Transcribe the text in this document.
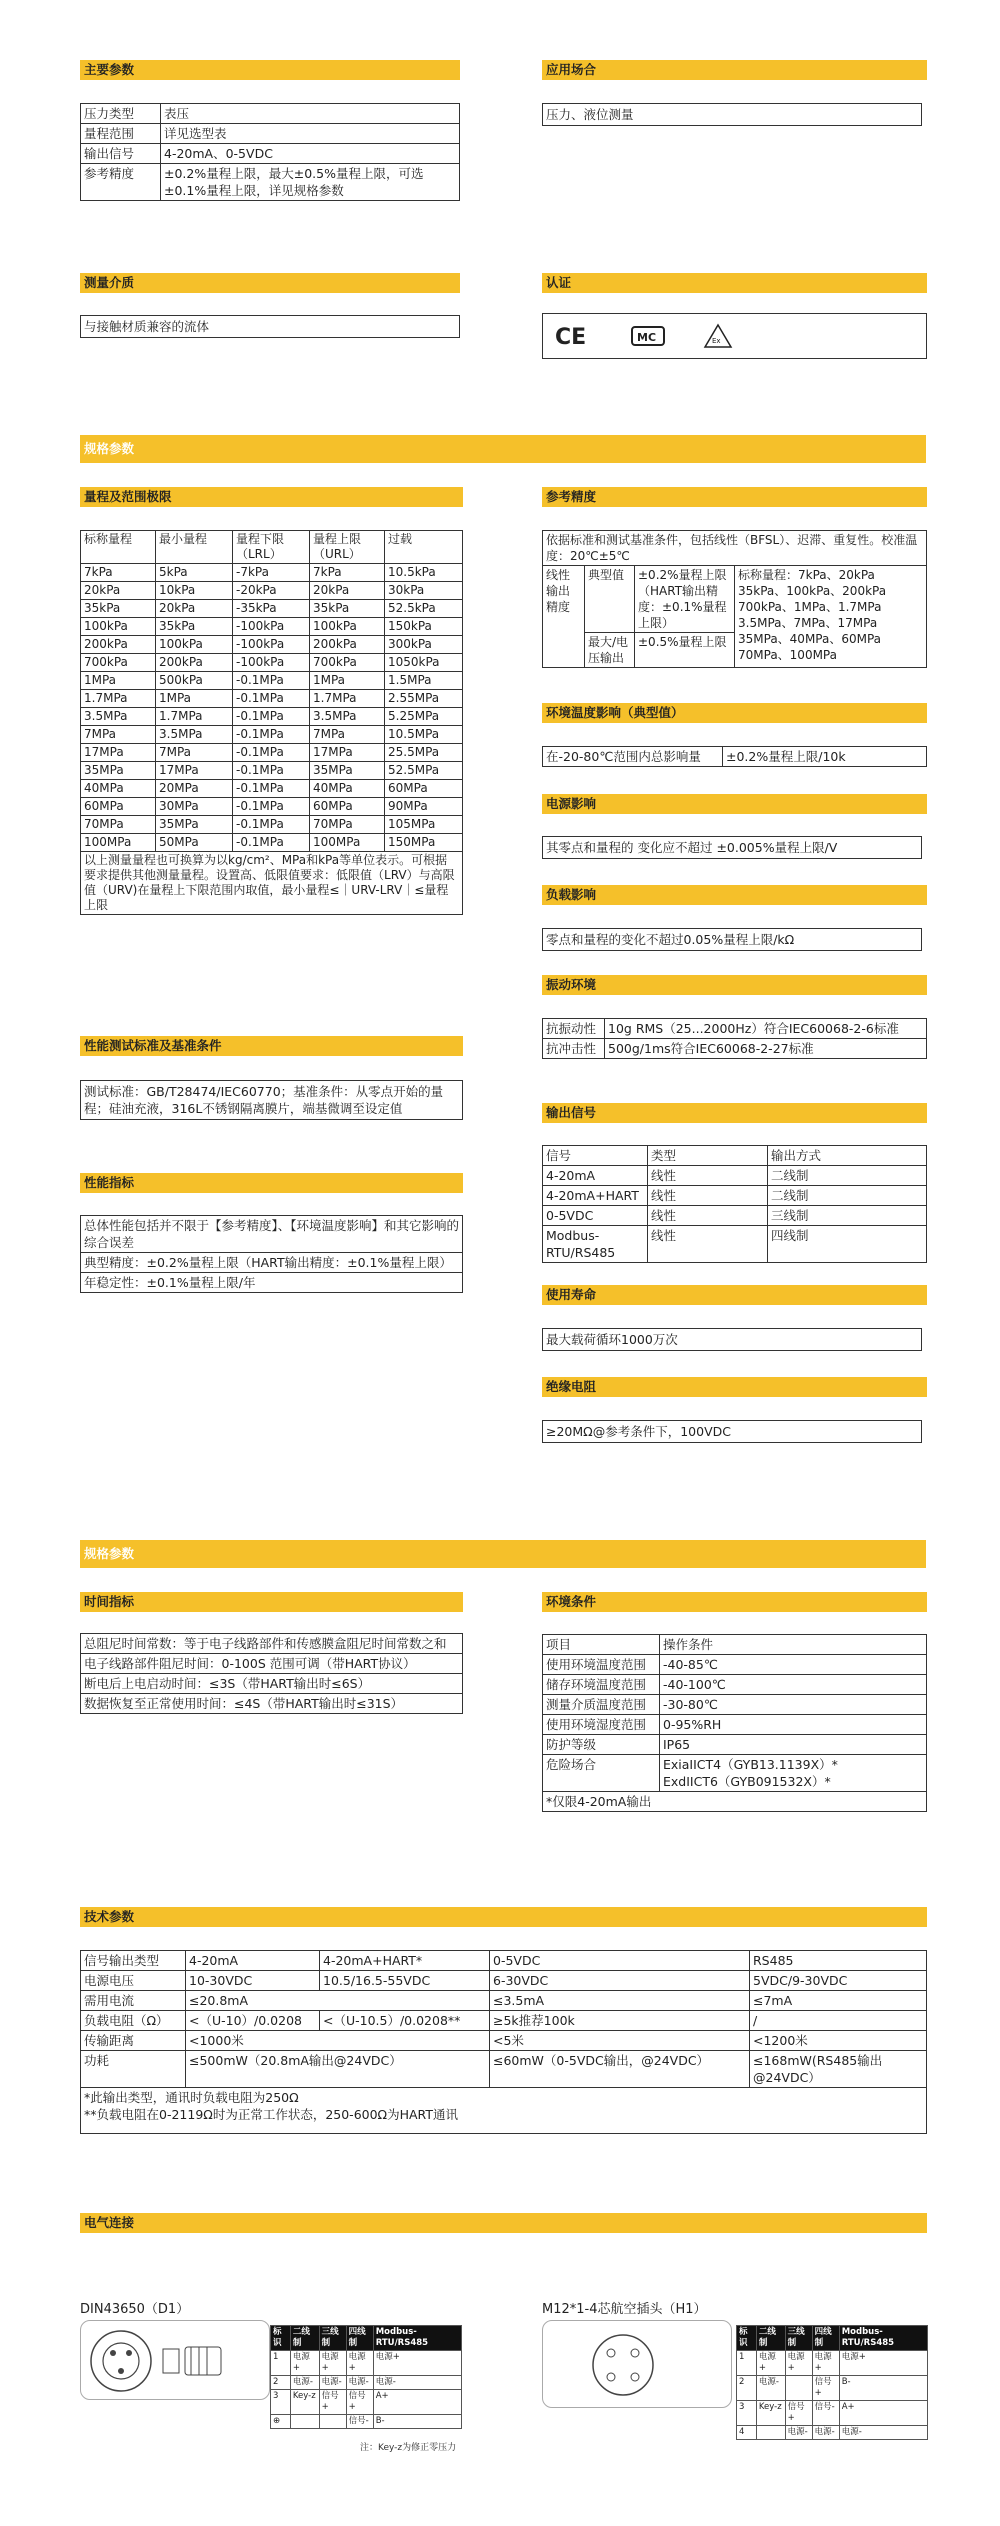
主要参数
压力类型	表压
量程范围	详见选型表
输出信号	4-20mA、0-5VDC
参考精度	±0.2%量程上限，最大±0.5%量程上限，可选±0.1%量程上限，详见规格参数
应用场合
压力、液位测量
测量介质
与接触材质兼容的流体
认证
CE	MC	Ex
规格参数
量程及范围极限
标称量程	最小量程	量程下限（LRL）	量程上限（URL）	过载
7kPa	5kPa	-7kPa	7kPa	10.5kPa
20kPa	10kPa	-20kPa	20kPa	30kPa
35kPa	20kPa	-35kPa	35kPa	52.5kPa
100kPa	35kPa	-100kPa	100kPa	150kPa
200kPa	100kPa	-100kPa	200kPa	300kPa
700kPa	200kPa	-100kPa	700kPa	1050kPa
1MPa	500kPa	-0.1MPa	1MPa	1.5MPa
1.7MPa	1MPa	-0.1MPa	1.7MPa	2.55MPa
3.5MPa	1.7MPa	-0.1MPa	3.5MPa	5.25MPa
7MPa	3.5MPa	-0.1MPa	7MPa	10.5MPa
17MPa	7MPa	-0.1MPa	17MPa	25.5MPa
35MPa	17MPa	-0.1MPa	35MPa	52.5MPa
40MPa	20MPa	-0.1MPa	40MPa	60MPa
60MPa	30MPa	-0.1MPa	60MPa	90MPa
70MPa	35MPa	-0.1MPa	70MPa	105MPa
100MPa	50MPa	-0.1MPa	100MPa	150MPa
以上测量量程也可换算为以kg/cm²、MPa和kPa等单位表示。可根据要求提供其他测量量程。设置高、低限值要求：低限值（LRV）与高限值（URV)在量程上下限范围内取值，最小量程≤｜URV-LRV｜≤量程上限				
性能测试标准及基准条件
测试标准：GB/T28474/IEC60770；基准条件：从零点开始的量程；硅油充液，316L不锈钢隔离膜片，端基微调至设定值
性能指标
总体性能包括并不限于【参考精度】、【环境温度影响】和其它影响的综合误差
典型精度：±0.2%量程上限（HART输出精度：±0.1%量程上限）
年稳定性：±0.1%量程上限/年
参考精度
依据标准和测试基准条件，包括线性（BFSL）、迟滞、重复性。校准温度：20℃±5℃			
线性输出精度	典型值	±0.2%量程上限（HART输出精度：±0.1%量程上限）	标称量程：7kPa、20kPa 35kPa、100kPa、200kPa 700kPa、1MPa、1.7MPa 3.5MPa、7MPa、17MPa 35MPa、40MPa、60MPa 70MPa、100MPa
	最大/电压输出	±0.5%量程上限	
环境温度影响（典型值）
在-20-80℃范围内总影响量	±0.2%量程上限/10k
电源影响
其零点和量程的 变化应不超过 ±0.005%量程上限/V
负载影响
零点和量程的变化不超过0.05%量程上限/kΩ
振动环境
抗振动性	10g RMS（25...2000Hz）符合IEC60068-2-6标准
抗冲击性	500g/1ms符合IEC60068-2-27标准
输出信号
信号	类型	输出方式
4-20mA	线性	二线制
4-20mA+HART	线性	二线制
0-5VDC	线性	三线制
Modbus-RTU/RS485	线性	四线制
使用寿命
最大载荷循环1000万次
绝缘电阻
≥20MΩ@参考条件下，100VDC
规格参数
时间指标
总阻尼时间常数：等于电子线路部件和传感膜盒阻尼时间常数之和
电子线路部件阻尼时间：0-100S 范围可调（带HART协议）
断电后上电启动时间：≤3S（带HART输出时≤6S）
数据恢复至正常使用时间：≤4S（带HART输出时≤31S）
环境条件
项目	操作条件
使用环境温度范围	-40-85℃
储存环境温度范围	-40-100℃
测量介质温度范围	-30-80℃
使用环境湿度范围	0-95%RH
防护等级	IP65
危险场合	ExiaIICT4（GYB13.1139X）*
ExdIICT6（GYB091532X）*

*仅限4-20mA输出	
技术参数
信号输出类型	4-20mA	4-20mA+HART*	0-5VDC	RS485
电源电压	10-30VDC	10.5/16.5-55VDC	6-30VDC	5VDC/9-30VDC
需用电流	≤20.8mA		≤3.5mA	≤7mA
负载电阻（Ω）	<（U-10）/0.0208	<（U-10.5）/0.0208**	≥5k推荐100k	/
传输距离	<1000米		<5米	<1200米
功耗	≤500mW（20.8mA输出@24VDC）		≤60mW（0-5VDC输出，@24VDC）	≤168mW(RS485输出@24VDC）

*此输出类型，通讯时负载电阻为250Ω
**负载电阻在0-2119Ω时为正常工作状态，250-600Ω为HART通讯				
电气连接
DIN43650（D1）
标识	二线制	三线制	四线制	Modbus-RTU/RS485
1	电源+	电源+	电源+	电源+
2	电源-	电源-	电源-	电源-
3	Key-z	信号+	信号+	A+
⊕			信号-	B-
注：Key-z为修正零压力
M12*1-4芯航空插头（H1）
标识	二线制	三线制	四线制	Modbus-RTU/RS485
1	电源+	电源+	电源+	电源+
2	电源-		信号+	B-
3	Key-z	信号+	信号-	A+
4		电源-	电源-	电源-
